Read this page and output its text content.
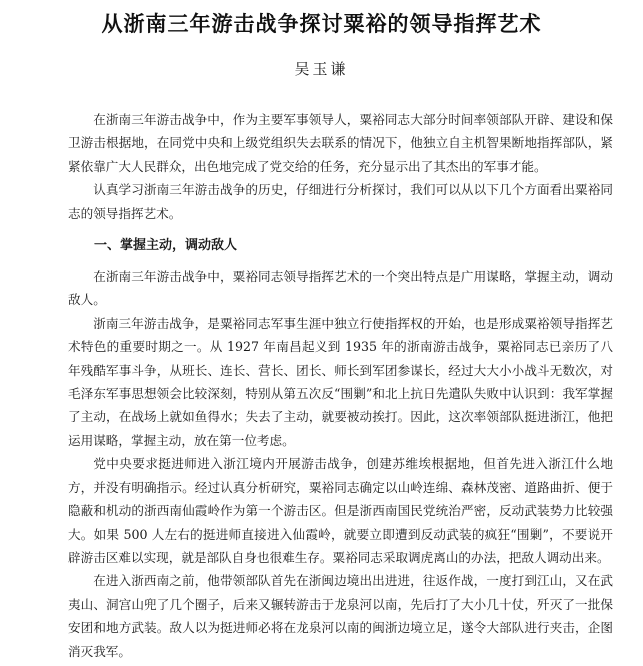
从浙南三年游击战争探讨粟裕的领导指挥艺术
吴玉谦

在浙南三年游击战争中，作为主要军事领导人，粟裕同志大部分时间率领部队开辟、建设和保卫游击根据地，在同党中央和上级党组织失去联系的情况下，他独立自主机智果断地指挥部队，紧紧依靠广大人民群众，出色地完成了党交给的任务，充分显示出了其杰出的军事才能。

认真学习浙南三年游击战争的历史，仔细进行分析探讨，我们可以从以下几个方面看出粟裕同志的领导指挥艺术。

一、掌握主动，调动敌人

在浙南三年游击战争中，粟裕同志领导指挥艺术的一个突出特点是广用谋略，掌握主动，调动敌人。

浙南三年游击战争，是粟裕同志军事生涯中独立行使指挥权的开始，也是形成粟裕领导指挥艺术特色的重要时期之一。从 1927 年南昌起义到 1935 年的浙南游击战争，粟裕同志已亲历了八年残酷军事斗争，从班长、连长、营长、团长、师长到军团参谋长，经过大大小小战斗无数次，对毛泽东军事思想领会比较深刻，特别从第五次反“围剿”和北上抗日先遣队失败中认识到：我军掌握了主动，在战场上就如鱼得水；失去了主动，就要被动挨打。因此，这次率领部队挺进浙江，他把运用谋略，掌握主动，放在第一位考虑。

党中央要求挺进师进入浙江境内开展游击战争，创建苏维埃根据地，但首先进入浙江什么地方，并没有明确指示。经过认真分析研究，粟裕同志确定以山岭连绵、森林茂密、道路曲折、便于隐蔽和机动的浙西南仙霞岭作为第一个游击区。但是浙西南国民党统治严密，反动武装势力比较强大。如果 500 人左右的挺进师直接进入仙霞岭，就要立即遭到反动武装的疯狂“围剿”，不要说开辟游击区难以实现，就是部队自身也很难生存。粟裕同志采取调虎离山的办法，把敌人调动出来。

在进入浙西南之前，他带领部队首先在浙闽边境出出进进，往返作战，一度打到江山，又在武夷山、洞宫山兜了几个圈子，后来又辗转游击于龙泉河以南，先后打了大小几十仗，歼灭了一批保安团和地方武装。敌人以为挺进师必将在龙泉河以南的闽浙边境立足，遂令大部队进行夹击，企图消灭我军。
